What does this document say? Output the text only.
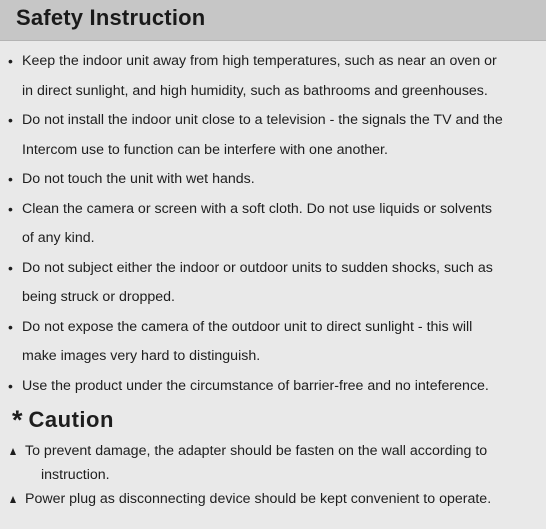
Safety Instruction
• Keep the indoor unit away from high temperatures, such as near an oven or
in direct sunlight, and high humidity, such as bathrooms and greenhouses.
• Do not install the indoor unit close to a television - the signals the TV and the
Intercom use to function can be interfere with one another.
• Do not touch the unit with wet hands.
• Clean the camera or screen with a soft cloth. Do not use liquids or solvents
of any kind.
• Do not subject either the indoor or outdoor units to sudden shocks, such as
being struck or dropped.
• Do not expose the camera of the outdoor unit to direct sunlight - this will
make images very hard to distinguish.
• Use the product under the circumstance of barrier-free and no inteference.
* Caution
To prevent damage, the adapter should be fasten on the wall according to
instruction.
Power plug as disconnecting device should be kept convenient to operate.
